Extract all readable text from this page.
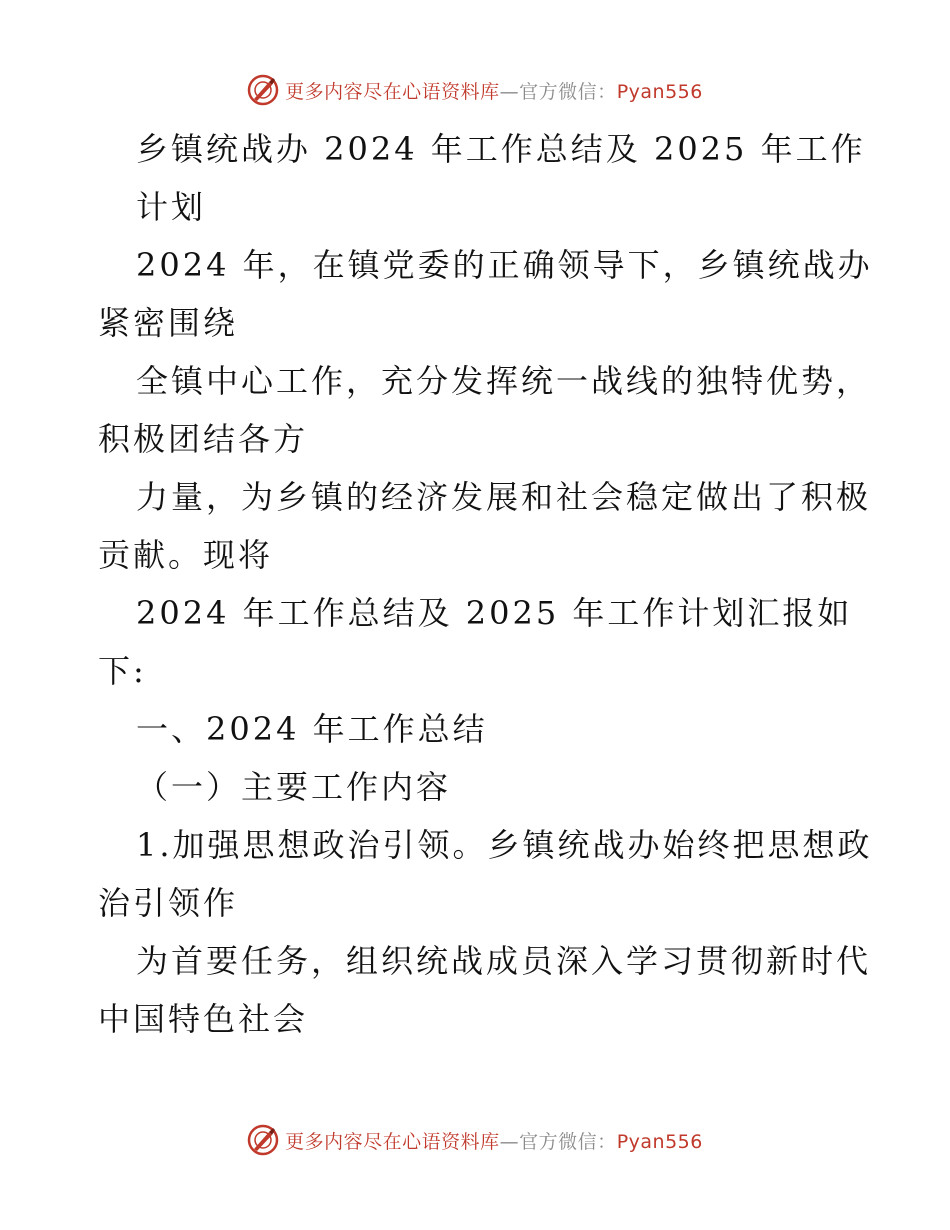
更多内容尽在心语资料库—官方微信：Pyan556
乡镇统战办 2024 年工作总结及 2025 年工作
计划
2024 年，在镇党委的正确领导下，乡镇统战办
紧密围绕
全镇中心工作，充分发挥统一战线的独特优势，
积极团结各方
力量，为乡镇的经济发展和社会稳定做出了积极
贡献。现将
2024 年工作总结及 2025 年工作计划汇报如
下:
一、2024 年工作总结
（一）主要工作内容
1.加强思想政治引领。乡镇统战办始终把思想政
治引领作
为首要任务，组织统战成员深入学习贯彻新时代
中国特色社会
更多内容尽在心语资料库—官方微信：Pyan556
